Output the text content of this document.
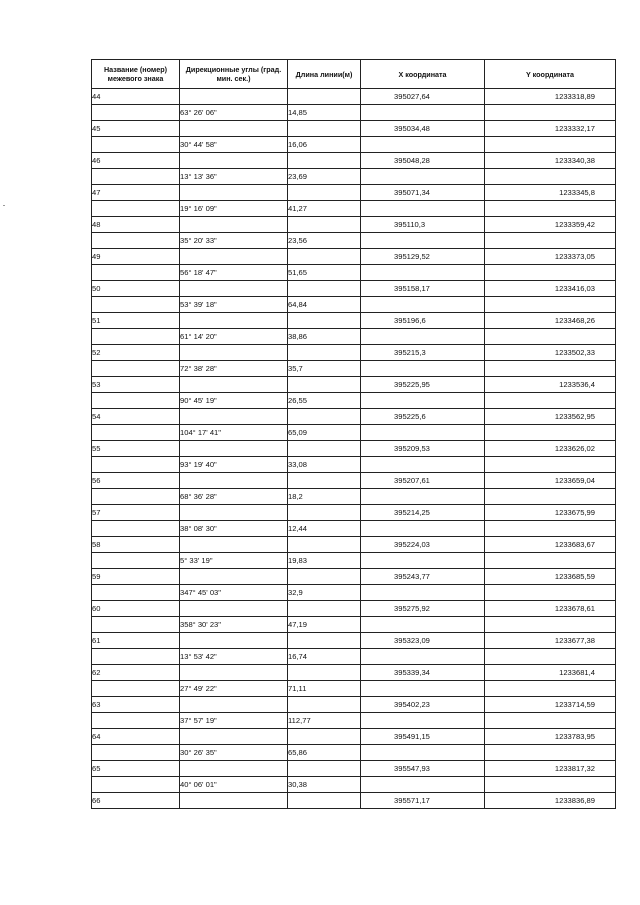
Название (номер) межевого знака	Дирекционные углы (град. мин. сек.)	Длина линии(м)	X координата	Y координата
44			395027,64	1233318,89
	63° 26' 06"	14,85		
45			395034,48	1233332,17
	30° 44' 58"	16,06		
46			395048,28	1233340,38
	13° 13' 36"	23,69		
47			395071,34	1233345,8
	19° 16' 09"	41,27		
48			395110,3	1233359,42
	35° 20' 33"	23,56		
49			395129,52	1233373,05
	56° 18' 47"	51,65		
50			395158,17	1233416,03
	53° 39' 18"	64,84		
51			395196,6	1233468,26
	61° 14' 20"	38,86		
52			395215,3	1233502,33
	72° 38' 28"	35,7		
53			395225,95	1233536,4
	90° 45' 19"	26,55		
54			395225,6	1233562,95
	104° 17' 41"	65,09		
55			395209,53	1233626,02
	93° 19' 40"	33,08		
56			395207,61	1233659,04
	68° 36' 28"	18,2		
57			395214,25	1233675,99
	38° 08' 30"	12,44		
58			395224,03	1233683,67
	5° 33' 19"	19,83		
59			395243,77	1233685,59
	347° 45' 03"	32,9		
60			395275,92	1233678,61
	358° 30' 23"	47,19		
61			395323,09	1233677,38
	13° 53' 42"	16,74		
62			395339,34	1233681,4
	27° 49' 22"	71,11		
63			395402,23	1233714,59
	37° 57' 19"	112,77		
64			395491,15	1233783,95
	30° 26' 35"	65,86		
65			395547,93	1233817,32
	40° 06' 01"	30,38		
66			395571,17	1233836,89
